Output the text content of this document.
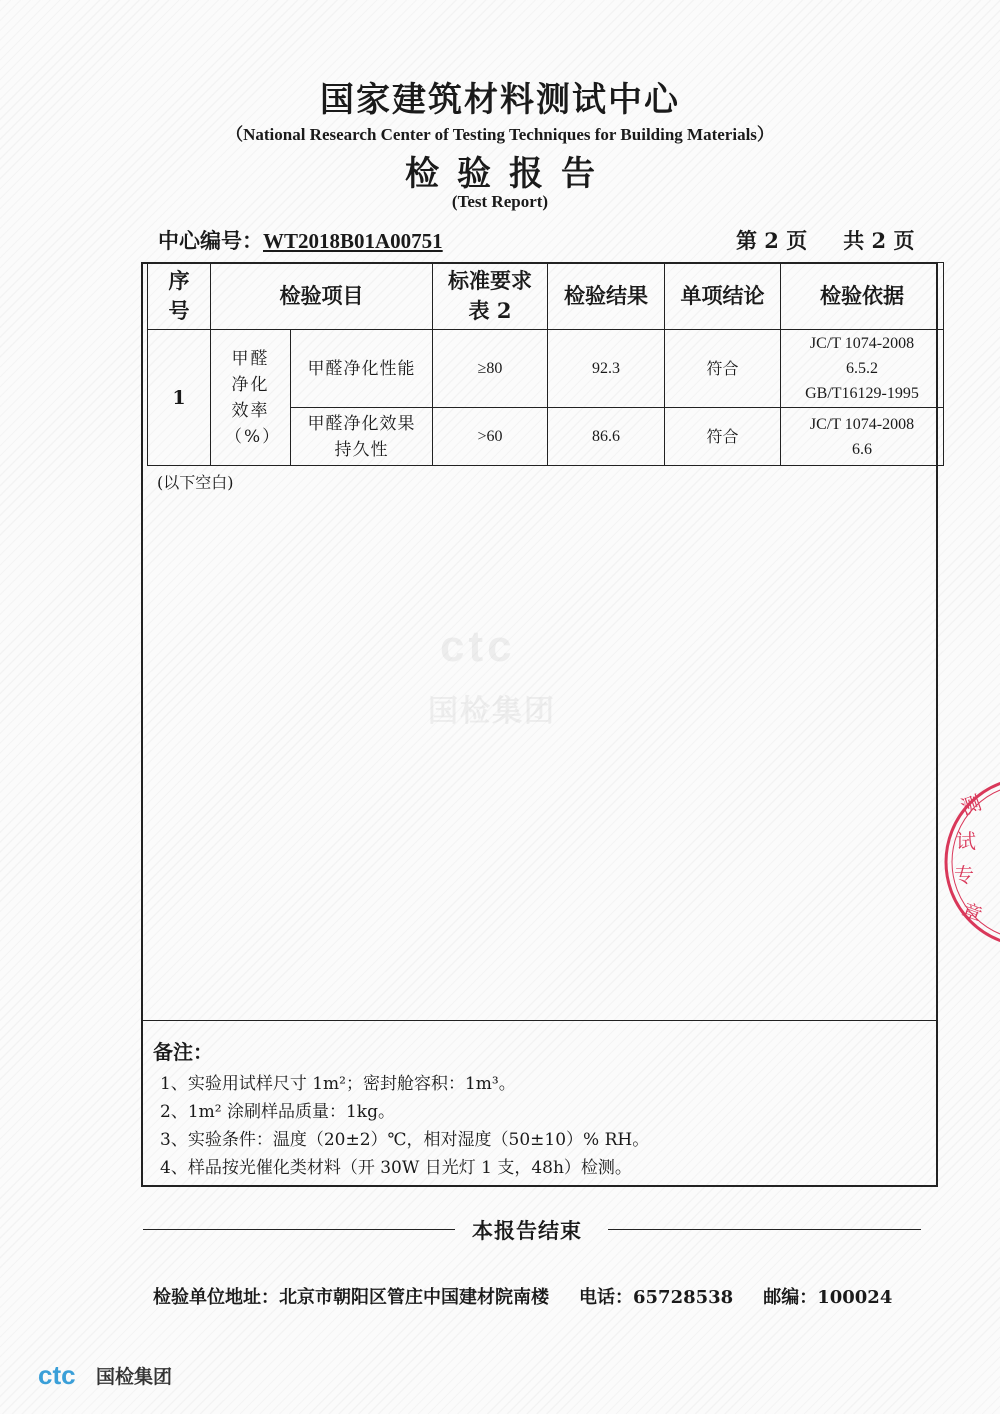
国家建筑材料测试中心
（National Research Center of Testing Techniques for Building Materials）
检验报告
(Test Report)
中心编号：WT2018B01A00751	第 2 页 共 2 页
序号	检验项目		标准要求表 2	检验结果	单项结论	检验依据
1	甲醛净化效率（%）	甲醛净化性能	≥80	92.3	符合	JC/T 1074-2008
6.5.2
GB/T16129-1995

		甲醛净化效果持久性	>60	86.6	符合	JC/T 1074-2008
6.6
(以下空白)
ctc
国检集团
备注：
1、实验用试样尺寸 1m²；密封舱容积：1m³。
2、1m² 涂刷样品质量：1kg。
3、实验条件：温度（20±2）℃，相对湿度（50±10）% RH。
4、样品按光催化类材料（开 30W 日光灯 1 支，48h）检测。
本报告结束
检验单位地址：北京市朝阳区管庄中国建材院南楼 电话：65728538 邮编：100024
ctc 国检集团
测
试
专
章
